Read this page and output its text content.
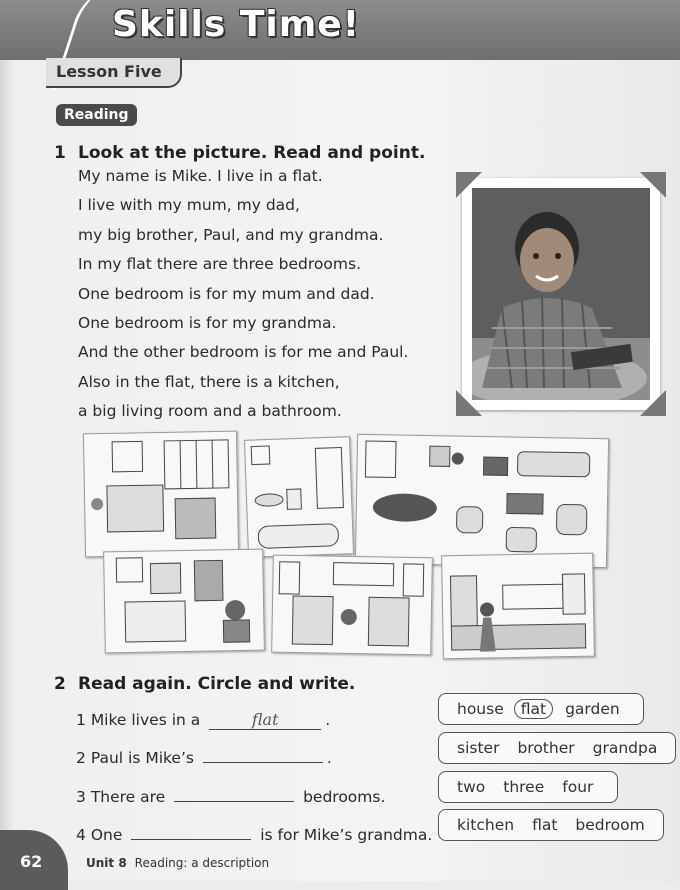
Skills Time!
Lesson Five
Reading
1 Look at the picture. Read and point.
My name is Mike. I live in a flat.
I live with my mum, my dad,
my big brother, Paul, and my grandma.
In my flat there are three bedrooms.
One bedroom is for my mum and dad.
One bedroom is for my grandma.
And the other bedroom is for me and Paul.
Also in the flat, there is a kitchen,
a big living room and a bathroom.
2 Read again. Circle and write.
1 Mike lives in a	flat	.
2 Paul is Mike’s	.
3 There are	bedrooms.
4 One	is for Mike’s grandma.
house	flat	garden
sister brother grandpa
two three four
kitchen flat bedroom
62	Unit 8 Reading: a description
